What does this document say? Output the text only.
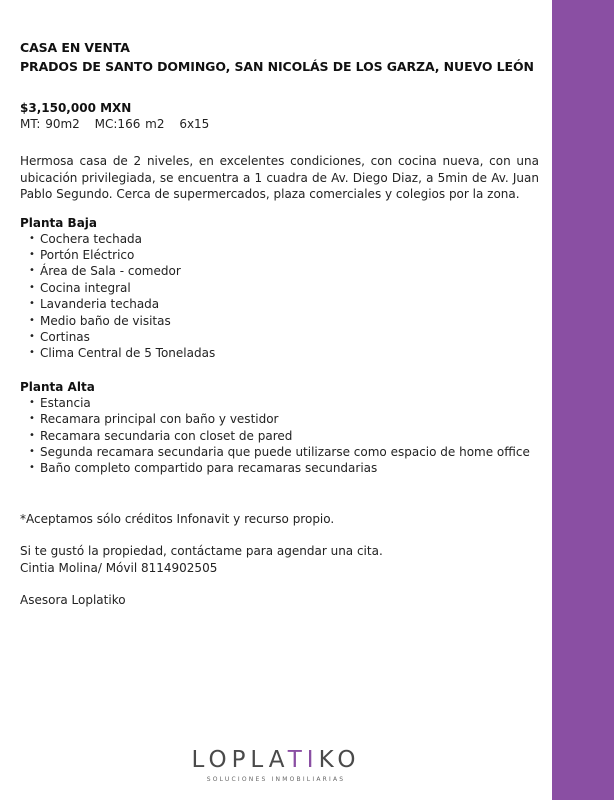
CASA EN VENTA
PRADOS DE SANTO DOMINGO, SAN NICOLÁS DE LOS GARZA, NUEVO LEÓN
$3,150,000 MXN
MT: 90m2 MC:166 m2 6x15
Hermosa casa de 2 niveles, en excelentes condiciones, con cocina nueva, con una ubicación privilegiada, se encuentra a 1 cuadra de Av. Diego Diaz, a 5min de Av. Juan Pablo Segundo. Cerca de supermercados, plaza comerciales y colegios por la zona.
Planta Baja
• Cochera techada
• Portón Eléctrico
• Área de Sala - comedor
• Cocina integral
• Lavanderia techada
• Medio baño de visitas
• Cortinas
• Clima Central de 5 Toneladas
Planta Alta
• Estancia
• Recamara principal con baño y vestidor
• Recamara secundaria con closet de pared
• Segunda recamara secundaria que puede utilizarse como espacio de home office
• Baño completo compartido para recamaras secundarias
*Aceptamos sólo créditos Infonavit y recurso propio.
Si te gustó la propiedad, contáctame para agendar una cita.
Cintia Molina/ Móvil 8114902505
Asesora Loplatiko
LOPLATIKO
SOLUCIONES INMOBILIARIAS
